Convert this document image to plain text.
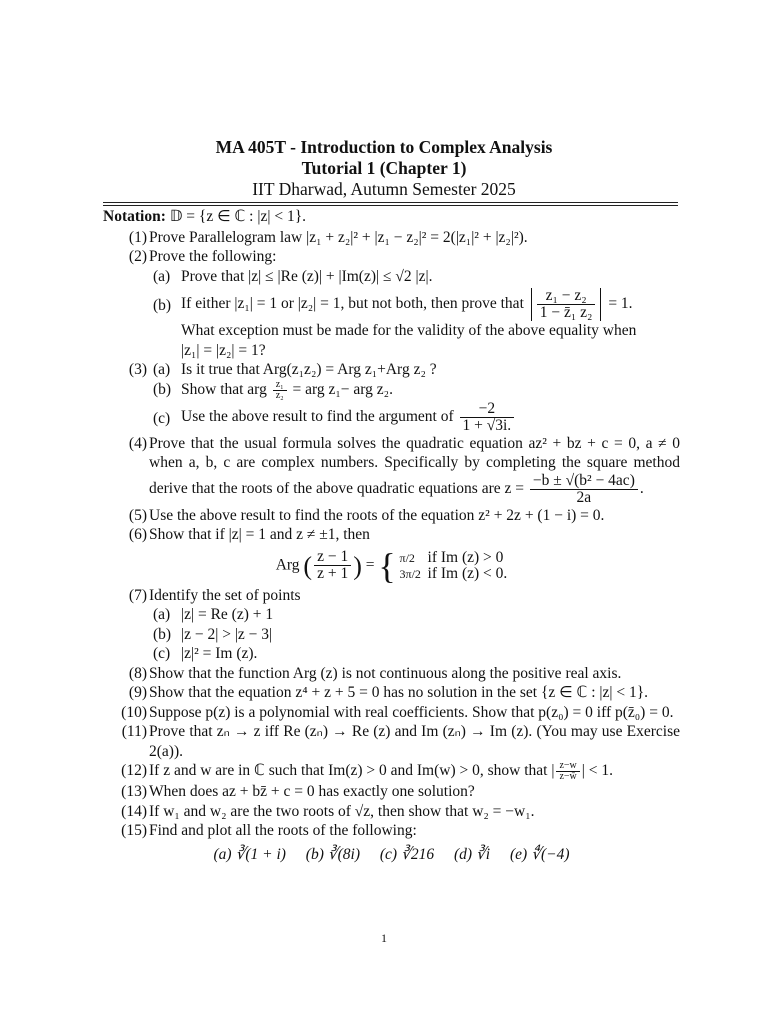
MA 405T - Introduction to Complex Analysis
Tutorial 1 (Chapter 1)
IIT Dharwad, Autumn Semester 2025
Notation: 𝔻 = {z ∈ ℂ : |z| < 1}.
(1) Prove Parallelogram law |z₁ + z₂|² + |z₁ − z₂|² = 2(|z₁|² + |z₂|²).
(2) Prove the following:
(a) Prove that |z| ≤ |Re (z)| + |Im(z)| ≤ √2 |z|.
(b) If either |z₁| = 1 or |z₂| = 1, but not both, then prove that $\frac{\text{z₁ − z₂}}{\text{1 − z̄₁ z₂}} = 1$.
What exception must be made for the validity of the above equality when
|z₁| = |z₂| = 1?
(3) (a) Is it true that Arg(z₁z₂) = Arg z₁+Arg z₂ ?
(b) Show that arg $\frac{\text{z₁}}{\text{z₂}}$ = arg z₁− arg z₂.
(c) Use the above result to find the argument of $\frac{-2}{1 + √3i.}$
(4) Prove that the usual formula solves the quadratic equation az² + bz + c = 0, a ≠ 0 when a, b, c are complex numbers. Specifically by completing the square method derive that the roots of the above quadratic equations are $z = \frac{\text{−b ± √(b² − 4ac)}}{2a}$ .
(5) Use the above result to find the roots of the equation z² + 2z + (1 − i) = 0.
(6) Show that if |z| = 1 and z ≠ ±1, then
Arg ( $\frac{z - 1}{z + 1}$ ) = { π/2 if Im (z) > 0
3π/2 if Im (z) < 0.
(7) Identify the set of points
(a) |z| = Re (z) + 1
(b) |z − 2| > |z − 3|
(c) |z|² = Im (z).
(8) Show that the function Arg (z) is not continuous along the positive real axis.
(9) Show that the equation z⁴ + z + 5 = 0 has no solution in the set {z ∈ ℂ : |z| < 1}.
(10) Suppose p(z) is a polynomial with real coefficients. Show that p(z₀) = 0 iff p(z̄₀) = 0.
(11) Prove that zₙ → z iff Re (zₙ) → Re (z) and Im (zₙ) → Im (z). (You may use Exercise 2(a)).
(12) If z and w are in ℂ such that Im(z) > 0 and Im(w) > 0, show that | $\frac{z-w}{z-w̄}$ | < 1.
(13) When does az + bz̄ + c = 0 has exactly one solution?
(14) If w₁ and w₂ are the two roots of √z, then show that w₂ = −w₁.
(15) Find and plot all the roots of the following:
(a) ∛(1 + i) (b) ∛(8i) (c) ∛216 (d) ∛i (e) ∜(−4)
1
